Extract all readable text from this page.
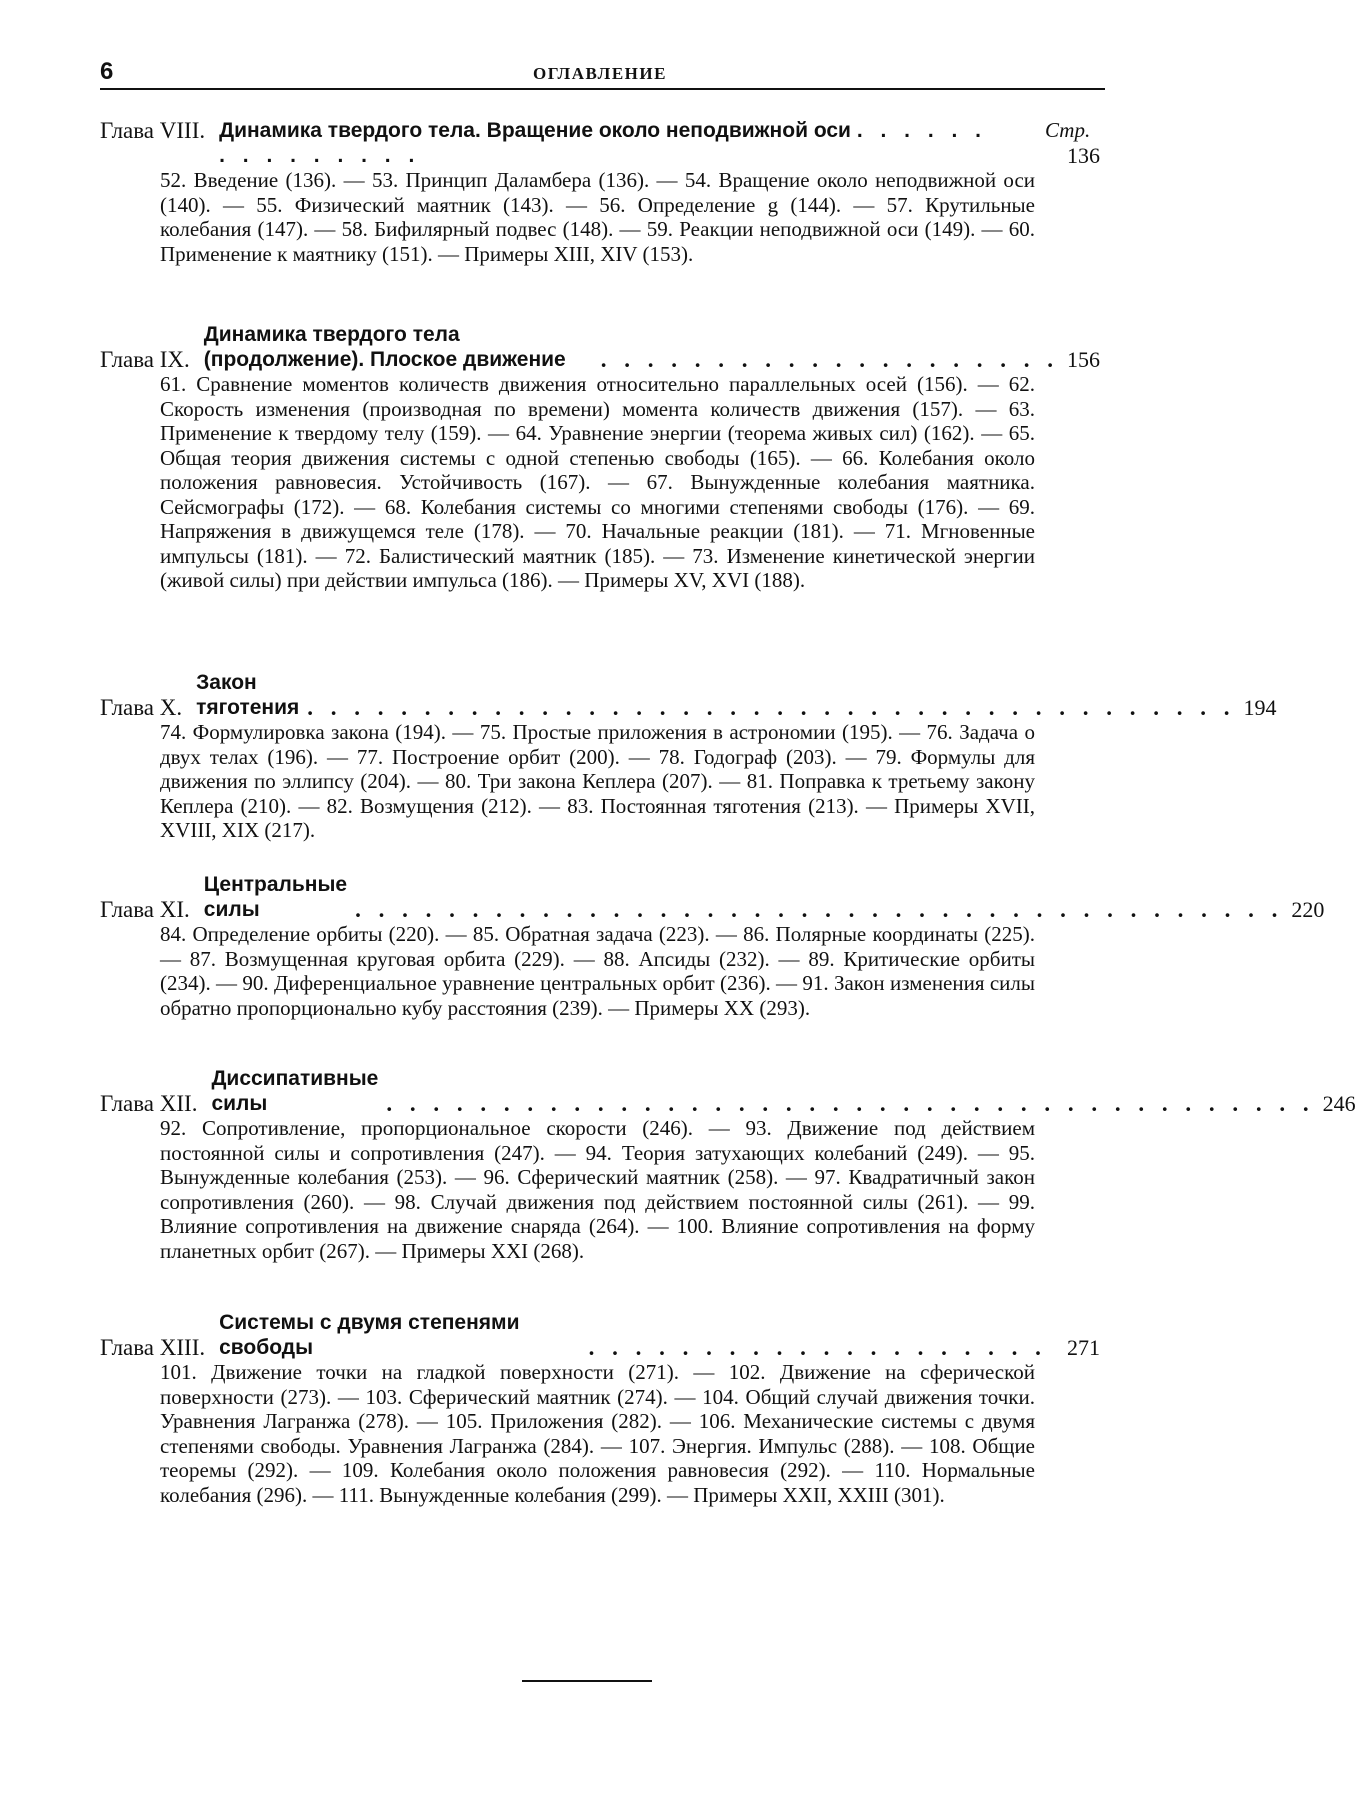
6	ОГЛАВЛЕНИЕ
Стр.
Глава VIII. Динамика твердого тела. Вращение около неподвижной оси . . . . . . . . . . . . . . .	136
52. Введение (136). — 53. Принцип Даламбера (136). — 54. Вращение около неподвижной оси (140). — 55. Физический маятник (143). — 56. Определение g (144). — 57. Крутильные колебания (147). — 58. Бифилярный подвес (148). — 59. Реакции неподвижной оси (149). — 60. Применение к маятнику (151). — Примеры XIII, XIV (153).
Глава IX.
Динамика твердого тела (продолжение). Плоское движение	. . . . . . . . . . . . . . . . . . . . 156
61. Сравнение моментов количеств движения относительно параллельных осей (156). — 62. Скорость изменения (производная по времени) момента количеств движения (157). — 63. Применение к твердому телу (159). — 64. Уравнение энергии (теорема живых сил) (162). — 65. Общая теория движения системы с одной степенью свободы (165). — 66. Колебания около положения равновесия. Устойчивость (167). — 67. Вынужденные колебания маятника. Сейсмографы (172). — 68. Колебания системы со многими степенями свободы (176). — 69. Напряжения в движущемся теле (178). — 70. Начальные реакции (181). — 71. Мгновенные импульсы (181). — 72. Балистический маятник (185). — 73. Изменение кинетической энергии (живой силы) при действии импульса (186). — Примеры XV, XVI (188).
Глава X.
Закон тяготения . . . . . . . . . . . . . . . . . . . . . . . . . . . . . . . . . . . . . . . . 194
74. Формулировка закона (194). — 75. Простые приложения в астрономии (195). — 76. Задача о двух телах (196). — 77. Построение орбит (200). — 78. Годограф (203). — 79. Формулы для движения по эллипсу (204). — 80. Три закона Кеплера (207). — 81. Поправка к третьему закону Кеплера (210). — 82. Возмущения (212). — 83. Постоянная тяготения (213). — Примеры XVII, XVIII, XIX (217).
Глава XI.
Центральные силы	. . . . . . . . . . . . . . . . . . . . . . . . . . . . . . . . . . . . . . . . 220
84. Определение орбиты (220). — 85. Обратная задача (223). — 86. Полярные координаты (225). — 87. Возмущенная круговая орбита (229). — 88. Апсиды (232). — 89. Критические орбиты (234). — 90. Диференциальное уравнение центральных орбит (236). — 91. Закон изменения силы обратно пропорционально кубу расстояния (239). — Примеры XX (293).
Глава XII.
Диссипативные силы	. . . . . . . . . . . . . . . . . . . . . . . . . . . . . . . . . . . . . . . . 246
92. Сопротивление, пропорциональное скорости (246). — 93. Движение под действием постоянной силы и сопротивления (247). — 94. Теория затухающих колебаний (249). — 95. Вынужденные колебания (253). — 96. Сферический маятник (258). — 97. Квадратичный закон сопротивления (260). — 98. Случай движения под действием постоянной силы (261). — 99. Влияние сопротивления на движение снаряда (264). — 100. Влияние сопротивления на форму планетных орбит (267). — Примеры XXI (268).
Глава XIII.
Системы с двумя степенями свободы	. . . . . . . . . . . . . . . . . . . . 271
101. Движение точки на гладкой поверхности (271). — 102. Движение на сферической поверхности (273). — 103. Сферический маятник (274). — 104. Общий случай движения точки. Уравнения Лагранжа (278). — 105. Приложения (282). — 106. Механические системы с двумя степенями свободы. Уравнения Лагранжа (284). — 107. Энергия. Импульс (288). — 108. Общие теоремы (292). — 109. Колебания около положения равновесия (292). — 110. Нормальные колебания (296). — 111. Вынужденные колебания (299). — Примеры XXII, XXIII (301).
